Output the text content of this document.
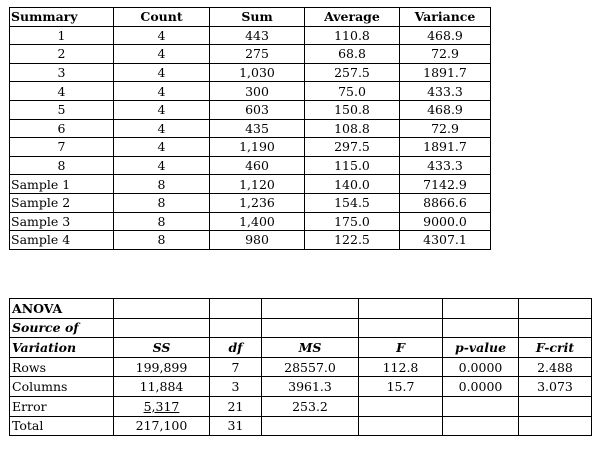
Summary	Count	Sum	Average	Variance
1	4	443	110.8	468.9
2	4	275	68.8	72.9
3	4	1,030	257.5	1891.7
4	4	300	75.0	433.3
5	4	603	150.8	468.9
6	4	435	108.8	72.9
7	4	1,190	297.5	1891.7
8	4	460	115.0	433.3
Sample 1	8	1,120	140.0	7142.9
Sample 2	8	1,236	154.5	8866.6
Sample 3	8	1,400	175.0	9000.0
Sample 4	8	980	122.5	4307.1
ANOVA						
Source of						
Variation	SS	df	MS	F	p-value	F-crit
Rows	199,899	7	28557.0	112.8	0.0000	2.488
Columns	11,884	3	3961.3	15.7	0.0000	3.073
Error	5,317	21	253.2			
Total	217,100	31				
